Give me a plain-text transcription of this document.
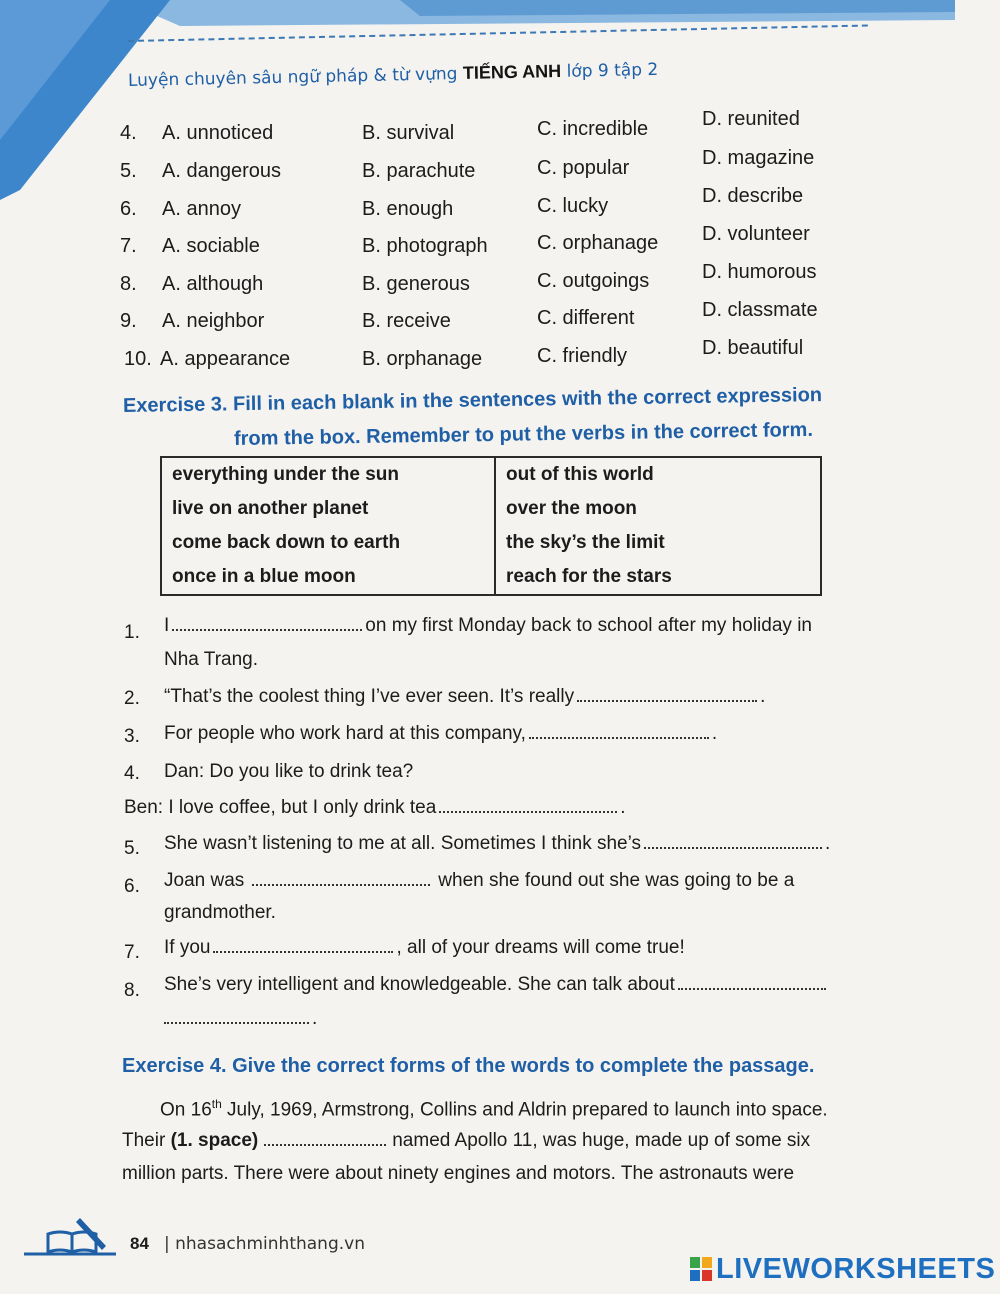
Luyện chuyên sâu ngữ pháp & từ vựng TIẾNG ANH lớp 9 tập 2
4. A. unnoticed	B. survival	C. incredible	D. reunited
5. A. dangerous	B. parachute	C. popular	D. magazine
6. A. annoy	B. enough	C. lucky	D. describe
7. A. sociable	B. photograph C. orphanage D. volunteer
8. A. although	B. generous	C. outgoings	D. humorous
9. A. neighbor	B. receive	C. different	D. classmate
10. A. appearance	B. orphanage	C. friendly	D. beautiful
Exercise 3. Fill in each blank in the sentences with the correct expression
from the box. Remember to put the verbs in the correct form.
everything under the sun	out of this world
live on another planet	over the moon
come back down to earth	the sky’s the limit
once in a blue moon	reach for the stars
1. I	on my first Monday back to school after my holiday in
Nha Trang.
2. “That’s the coolest thing I’ve ever seen. It’s really	.
3. For people who work hard at this company,	.
4. Dan: Do you like to drink tea?
Ben: I love coffee, but I only drink tea	.
5. She wasn’t listening to me at all. Sometimes I think she’s	.
6. Joan was	when she found out she was going to be a
grandmother.
7. If you	, all of your dreams will come true!
8. She’s very intelligent and knowledgeable. She can talk about
.
Exercise 4. Give the correct forms of the words to complete the passage.
On 16th July, 1969, Armstrong, Collins and Aldrin prepared to launch into space.
Their (1. space)	named Apollo 11, was huge, made up of some six
million parts. There were about ninety engines and motors. The astronauts were
84 | nhasachminhthang.vn
LIVEWORKSHEETS
